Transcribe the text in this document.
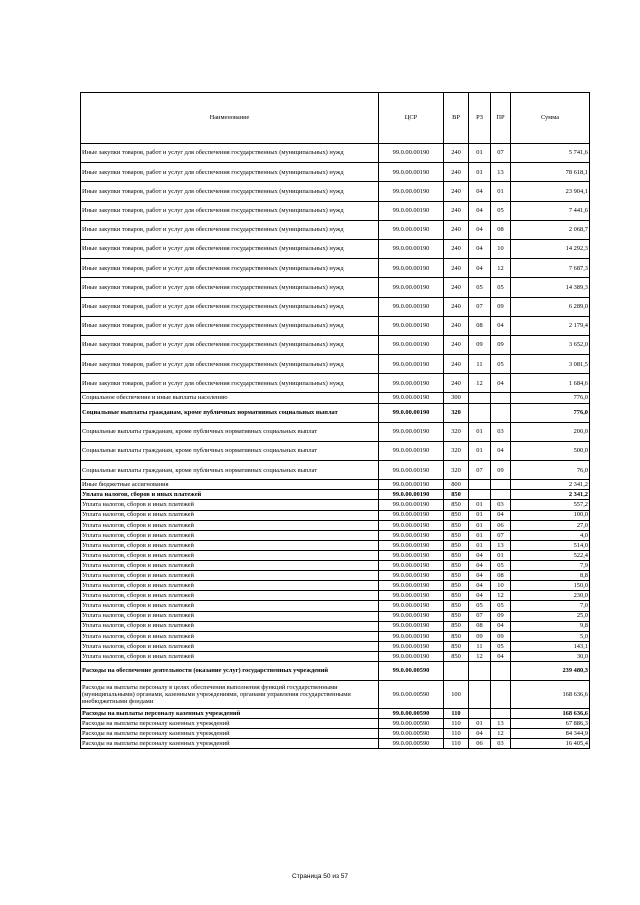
Наименование	ЦСР	ВР	РЗ	ПР	Сумма
Иные закупки товаров, работ и услуг для обеспечения государственных (муниципальных) нужд	99.0.00.00190	240	01	07	5 741,6
Иные закупки товаров, работ и услуг для обеспечения государственных (муниципальных) нужд	99.0.00.00190	240	01	13	78 618,1
Иные закупки товаров, работ и услуг для обеспечения государственных (муниципальных) нужд	99.0.00.00190	240	04	01	23 904,1
Иные закупки товаров, работ и услуг для обеспечения государственных (муниципальных) нужд	99.0.00.00190	240	04	05	7 441,6
Иные закупки товаров, работ и услуг для обеспечения государственных (муниципальных) нужд	99.0.00.00190	240	04	08	2 068,7
Иные закупки товаров, работ и услуг для обеспечения государственных (муниципальных) нужд	99.0.00.00190	240	04	10	14 292,3
Иные закупки товаров, работ и услуг для обеспечения государственных (муниципальных) нужд	99.0.00.00190	240	04	12	7 687,3
Иные закупки товаров, работ и услуг для обеспечения государственных (муниципальных) нужд	99.0.00.00190	240	05	05	14 389,3
Иные закупки товаров, работ и услуг для обеспечения государственных (муниципальных) нужд	99.0.00.00190	240	07	09	6 289,0
Иные закупки товаров, работ и услуг для обеспечения государственных (муниципальных) нужд	99.0.00.00190	240	08	04	2 179,4
Иные закупки товаров, работ и услуг для обеспечения государственных (муниципальных) нужд	99.0.00.00190	240	09	09	3 652,0
Иные закупки товаров, работ и услуг для обеспечения государственных (муниципальных) нужд	99.0.00.00190	240	11	05	3 081,5
Иные закупки товаров, работ и услуг для обеспечения государственных (муниципальных) нужд	99.0.00.00190	240	12	04	1 684,6
Социальное обеспечение и иные выплаты населению	99.0.00.00190	300			776,0
Социальные выплаты гражданам, кроме публичных нормативных социальных выплат	99.0.00.00190	320			776,0
Социальные выплаты гражданам, кроме публичных нормативных социальных выплат	99.0.00.00190	320	01	03	200,0
Социальные выплаты гражданам, кроме публичных нормативных социальных выплат	99.0.00.00190	320	01	04	500,0
Социальные выплаты гражданам, кроме публичных нормативных социальных выплат	99.0.00.00190	320	07	09	76,0
Иные бюджетные ассигнования	99.0.00.00190	800			2 341,2
Уплата налогов, сборов и иных платежей	99.0.00.00190	850			2 341,2
Уплата налогов, сборов и иных платежей	99.0.00.00190	850	01	03	557,2
Уплата налогов, сборов и иных платежей	99.0.00.00190	850	01	04	100,0
Уплата налогов, сборов и иных платежей	99.0.00.00190	850	01	06	27,0
Уплата налогов, сборов и иных платежей	99.0.00.00190	850	01	07	4,0
Уплата налогов, сборов и иных платежей	99.0.00.00190	850	01	13	514,0
Уплата налогов, сборов и иных платежей	99.0.00.00190	850	04	01	522,4
Уплата налогов, сборов и иных платежей	99.0.00.00190	850	04	05	7,9
Уплата налогов, сборов и иных платежей	99.0.00.00190	850	04	08	8,8
Уплата налогов, сборов и иных платежей	99.0.00.00190	850	04	10	150,0
Уплата налогов, сборов и иных платежей	99.0.00.00190	850	04	12	230,0
Уплата налогов, сборов и иных платежей	99.0.00.00190	850	05	05	7,0
Уплата налогов, сборов и иных платежей	99.0.00.00190	850	07	09	25,0
Уплата налогов, сборов и иных платежей	99.0.00.00190	850	08	04	9,8
Уплата налогов, сборов и иных платежей	99.0.00.00190	850	09	09	5,0
Уплата налогов, сборов и иных платежей	99.0.00.00190	850	11	05	143,1
Уплата налогов, сборов и иных платежей	99.0.00.00190	850	12	04	30,0
Расходы на обеспечение деятельности (оказание услуг) государственных учреждений	99.0.00.00590				239 480,3
Расходы на выплаты персоналу в целях обеспечения выполнения функций государственными (муниципальными) органами, казенными учреждениями, органами управления государственными внебюджетными фондами	99.0.00.00590	100			168 636,6
Расходы на выплаты персоналу казенных учреждений	99.0.00.00590	110			168 636,6
Расходы на выплаты персоналу казенных учреждений	99.0.00.00590	110	01	13	67 886,3
Расходы на выплаты персоналу казенных учреждений	99.0.00.00590	110	04	12	84 344,9
Расходы на выплаты персоналу казенных учреждений	99.0.00.00590	110	06	03	16 405,4
Страница 50 из 57
